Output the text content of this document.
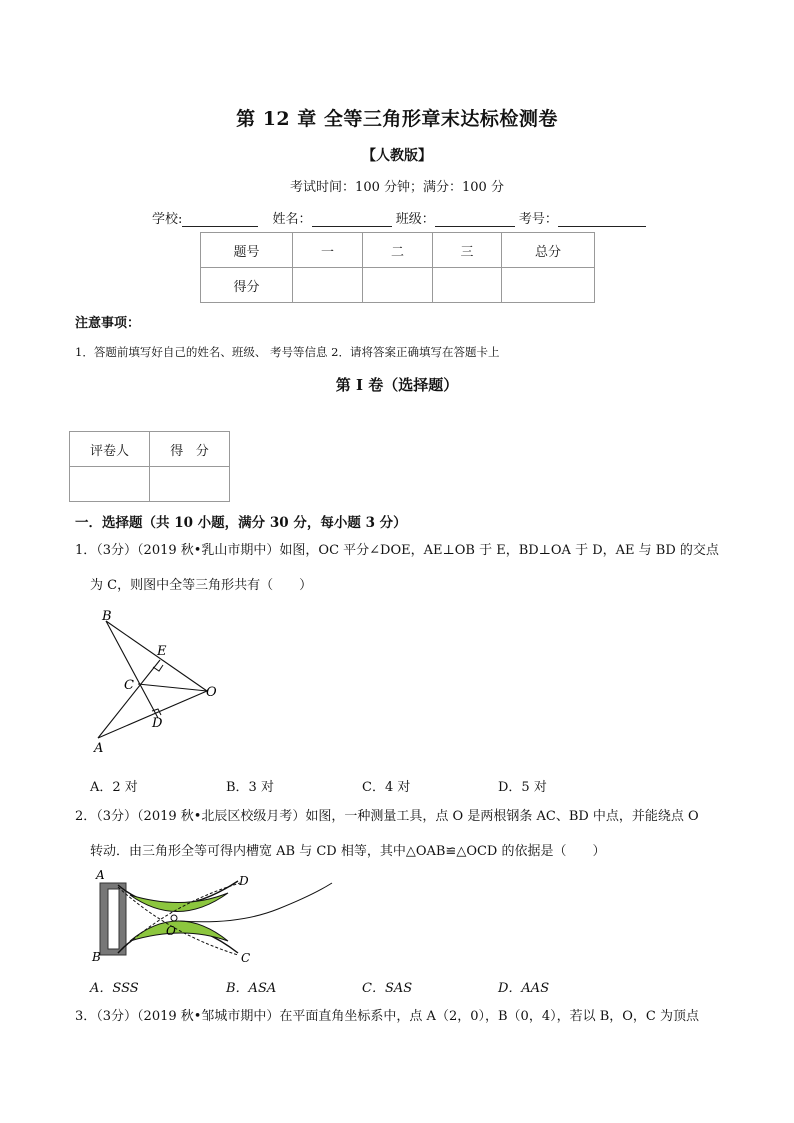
第 12 章 全等三角形章末达标检测卷
【人教版】
考试时间：100 分钟；满分：100 分
学校:	姓名：	班级：	考号：
题号	一	二	三	总分
得分				
注意事项：
1．答题前填写好自己的姓名、班级、 考号等信息 2．请将答案正确填写在答题卡上
第 I 卷（选择题）
评卷人	得   分

一．选择题（共 10 小题，满分 30 分，每小题 3 分）
1．（3分）（2019 秋•乳山市期中）如图，OC 平分∠DOE，AE⊥OB 于 E，BD⊥OA 于 D，AE 与 BD 的交点
为 C，则图中全等三角形共有（　　）
B
E
C	O
D
A
A．2 对	B．3 对	C．4 对	D．5 对
2．（3分）（2019 秋•北辰区校级月考）如图，一种测量工具，点 O 是两根钢条 AC、BD 中点，并能绕点 O
转动．由三角形全等可得内槽宽 AB 与 CD 相等，其中△OAB≌△OCD 的依据是（　　）
A	D
O
B	C
A．SSS	B．ASA	C．SAS	D．AAS
3．（3分）（2019 秋•邹城市期中）在平面直角坐标系中，点 A（2，0），B（0，4），若以 B，O，C 为顶点
